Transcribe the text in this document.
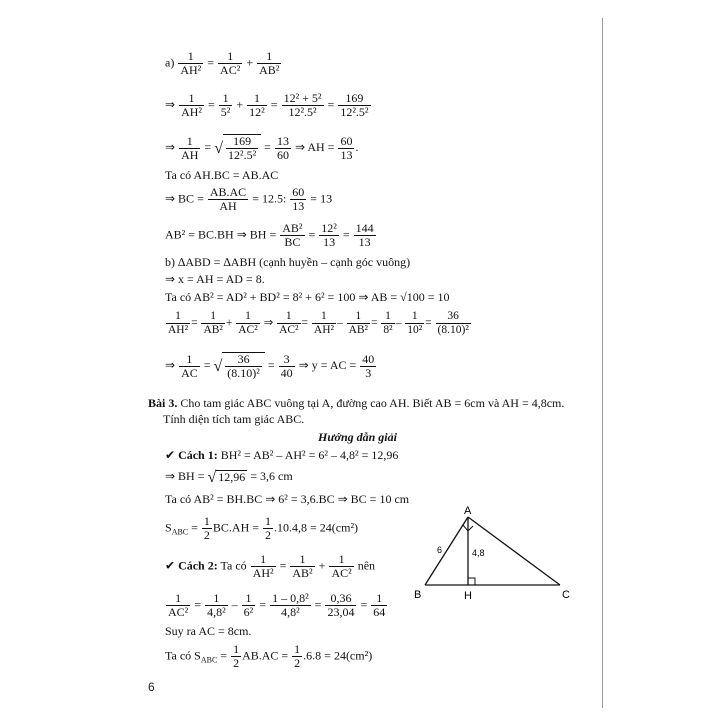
$a) \frac{1}{\text{AH²}} = \frac{1}{\text{AC²}} + \frac{1}{\text{AB²}}$
⇒ $\frac{1}{\text{AH²}} = \frac{1}{\text{5²}} + \frac{1}{\text{12²}} = \frac{\text{12² + 5²}}{\text{12².5²}} = \frac{169}{\text{12².5²}}$
⇒ $\frac{1}{AH}$ = √ $\frac{169}{\text{12².5²}} = \frac{13}{60}$ ⇒ AH = $\frac{60}{13}$ .
Ta có AH.BC = AB.AC
⇒ BC = $\frac{AB.AC}{AH} = 12.5$: $\frac{60}{13} = 13$
AB² = BC.BH ⇒ BH = $\frac{\text{AB²}}{BC} = \frac{\text{12²}}{13} = \frac{144}{13}$
b) ∆ABD = ∆ABH (cạnh huyền – cạnh góc vuông)
⇒ x = AH = AD = 8.
Ta có AB² = AD² + BD² = 8² + 6² = 100 ⇒ AB = √100 = 10
$\frac{1}{\text{AH²}} = \frac{1}{\text{AB²}} + \frac{1}{\text{AC²}}$ ⇒ $\frac{1}{\text{AC²}} = \frac{1}{\text{AH²}} - \frac{1}{\text{AB²}} = \frac{1}{\text{8²}} - \frac{1}{\text{10²}} = \frac{36}{\text{(8.10)²}}$
⇒ $\frac{1}{AC}$ = √ $\frac{36}{\text{(8.10)²}} = \frac{3}{40}$ ⇒ y = AC = $\frac{40}{3}$
Bài 3. Cho tam giác ABC vuông tại A, đường cao AH. Biết AB = 6cm và AH = 4,8cm.
Tính diện tích tam giác ABC.
Hướng dẫn giải
✔ Cách 1: BH² = AB² – AH² = 6² – 4,8² = 12,96
⇒ BH = √ 12,96 = 3,6 cm
Ta có AB² = BH.BC ⇒ 6² = 3,6.BC ⇒ BC = 10 cm
$S_{ABC} = \frac{1}{2} BC.AH = \frac{1}{2} .10.4,8 = 24(cm^2)$
✔ Cách 2: Ta có $\frac{1}{\text{AH²}} = \frac{1}{\text{AB²}} + \frac{1}{\text{AC²}}$ nên
$\frac{1}{\text{AC²}} = \frac{1}{\text{4,8²}} - \frac{1}{\text{6²}} = \frac{\text{1 – 0,8²}}{\text{4,8²}} = \frac{0,36}{23,04} = \frac{1}{64}$
Suy ra AC = 8cm.
Ta có $S_{ABC} = \frac{1}{2} AB.AC = \frac{1}{2} .6.8 = 24(cm^2)$
A
B	C
H
6	4,8
6
